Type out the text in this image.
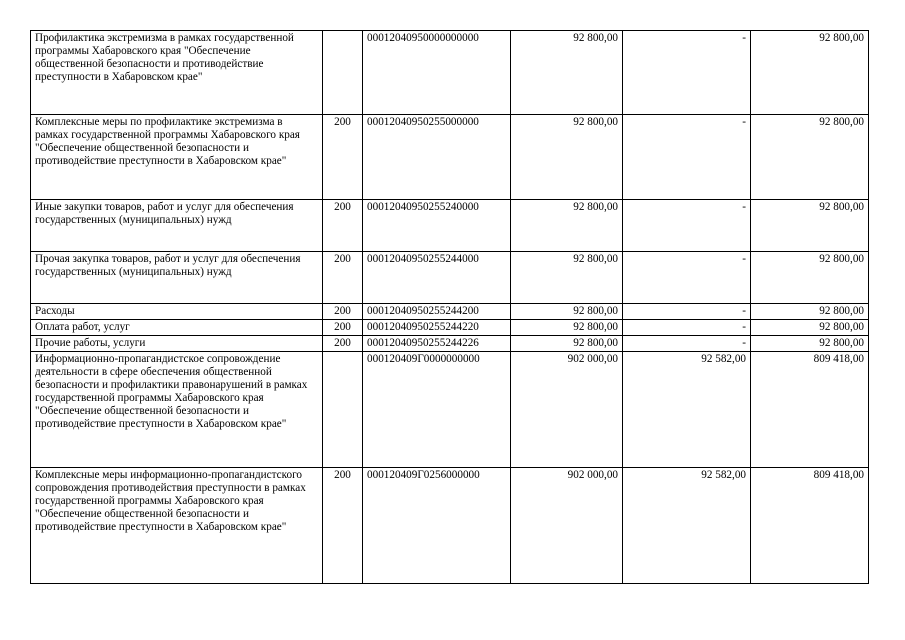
Профилактика экстремизма в рамках государственной программы Хабаровского края "Обеспечение общественной безопасности и противодействие преступности в Хабаровском крае"		00012040950000000000	92 800,00	-	92 800,00
Комплексные меры по профилактике экстремизма в рамках государственной программы Хабаровского края "Обеспечение общественной безопасности и противодействие преступности в Хабаровском крае"	200	00012040950255000000	92 800,00	-	92 800,00
Иные закупки товаров, работ и услуг для обеспечения государственных (муниципальных) нужд	200	00012040950255240000	92 800,00	-	92 800,00
Прочая закупка товаров, работ и услуг для обеспечения государственных (муниципальных) нужд	200	00012040950255244000	92 800,00	-	92 800,00
Расходы	200	00012040950255244200	92 800,00	-	92 800,00
Оплата работ, услуг	200	00012040950255244220	92 800,00	-	92 800,00
Прочие работы, услуги	200	00012040950255244226	92 800,00	-	92 800,00
Информационно-пропагандистское сопровождение деятельности в сфере обеспечения общественной безопасности и профилактики правонарушений в рамках государственной программы Хабаровского края "Обеспечение общественной безопасности и противодействие преступности в Хабаровском крае"		000120409Г0000000000	902 000,00	92 582,00	809 418,00
Комплексные меры информационно-пропагандистского сопровождения противодействия преступности в рамках государственной программы Хабаровского края "Обеспечение общественной безопасности и противодействие преступности в Хабаровском крае"	200	000120409Г0256000000	902 000,00	92 582,00	809 418,00
